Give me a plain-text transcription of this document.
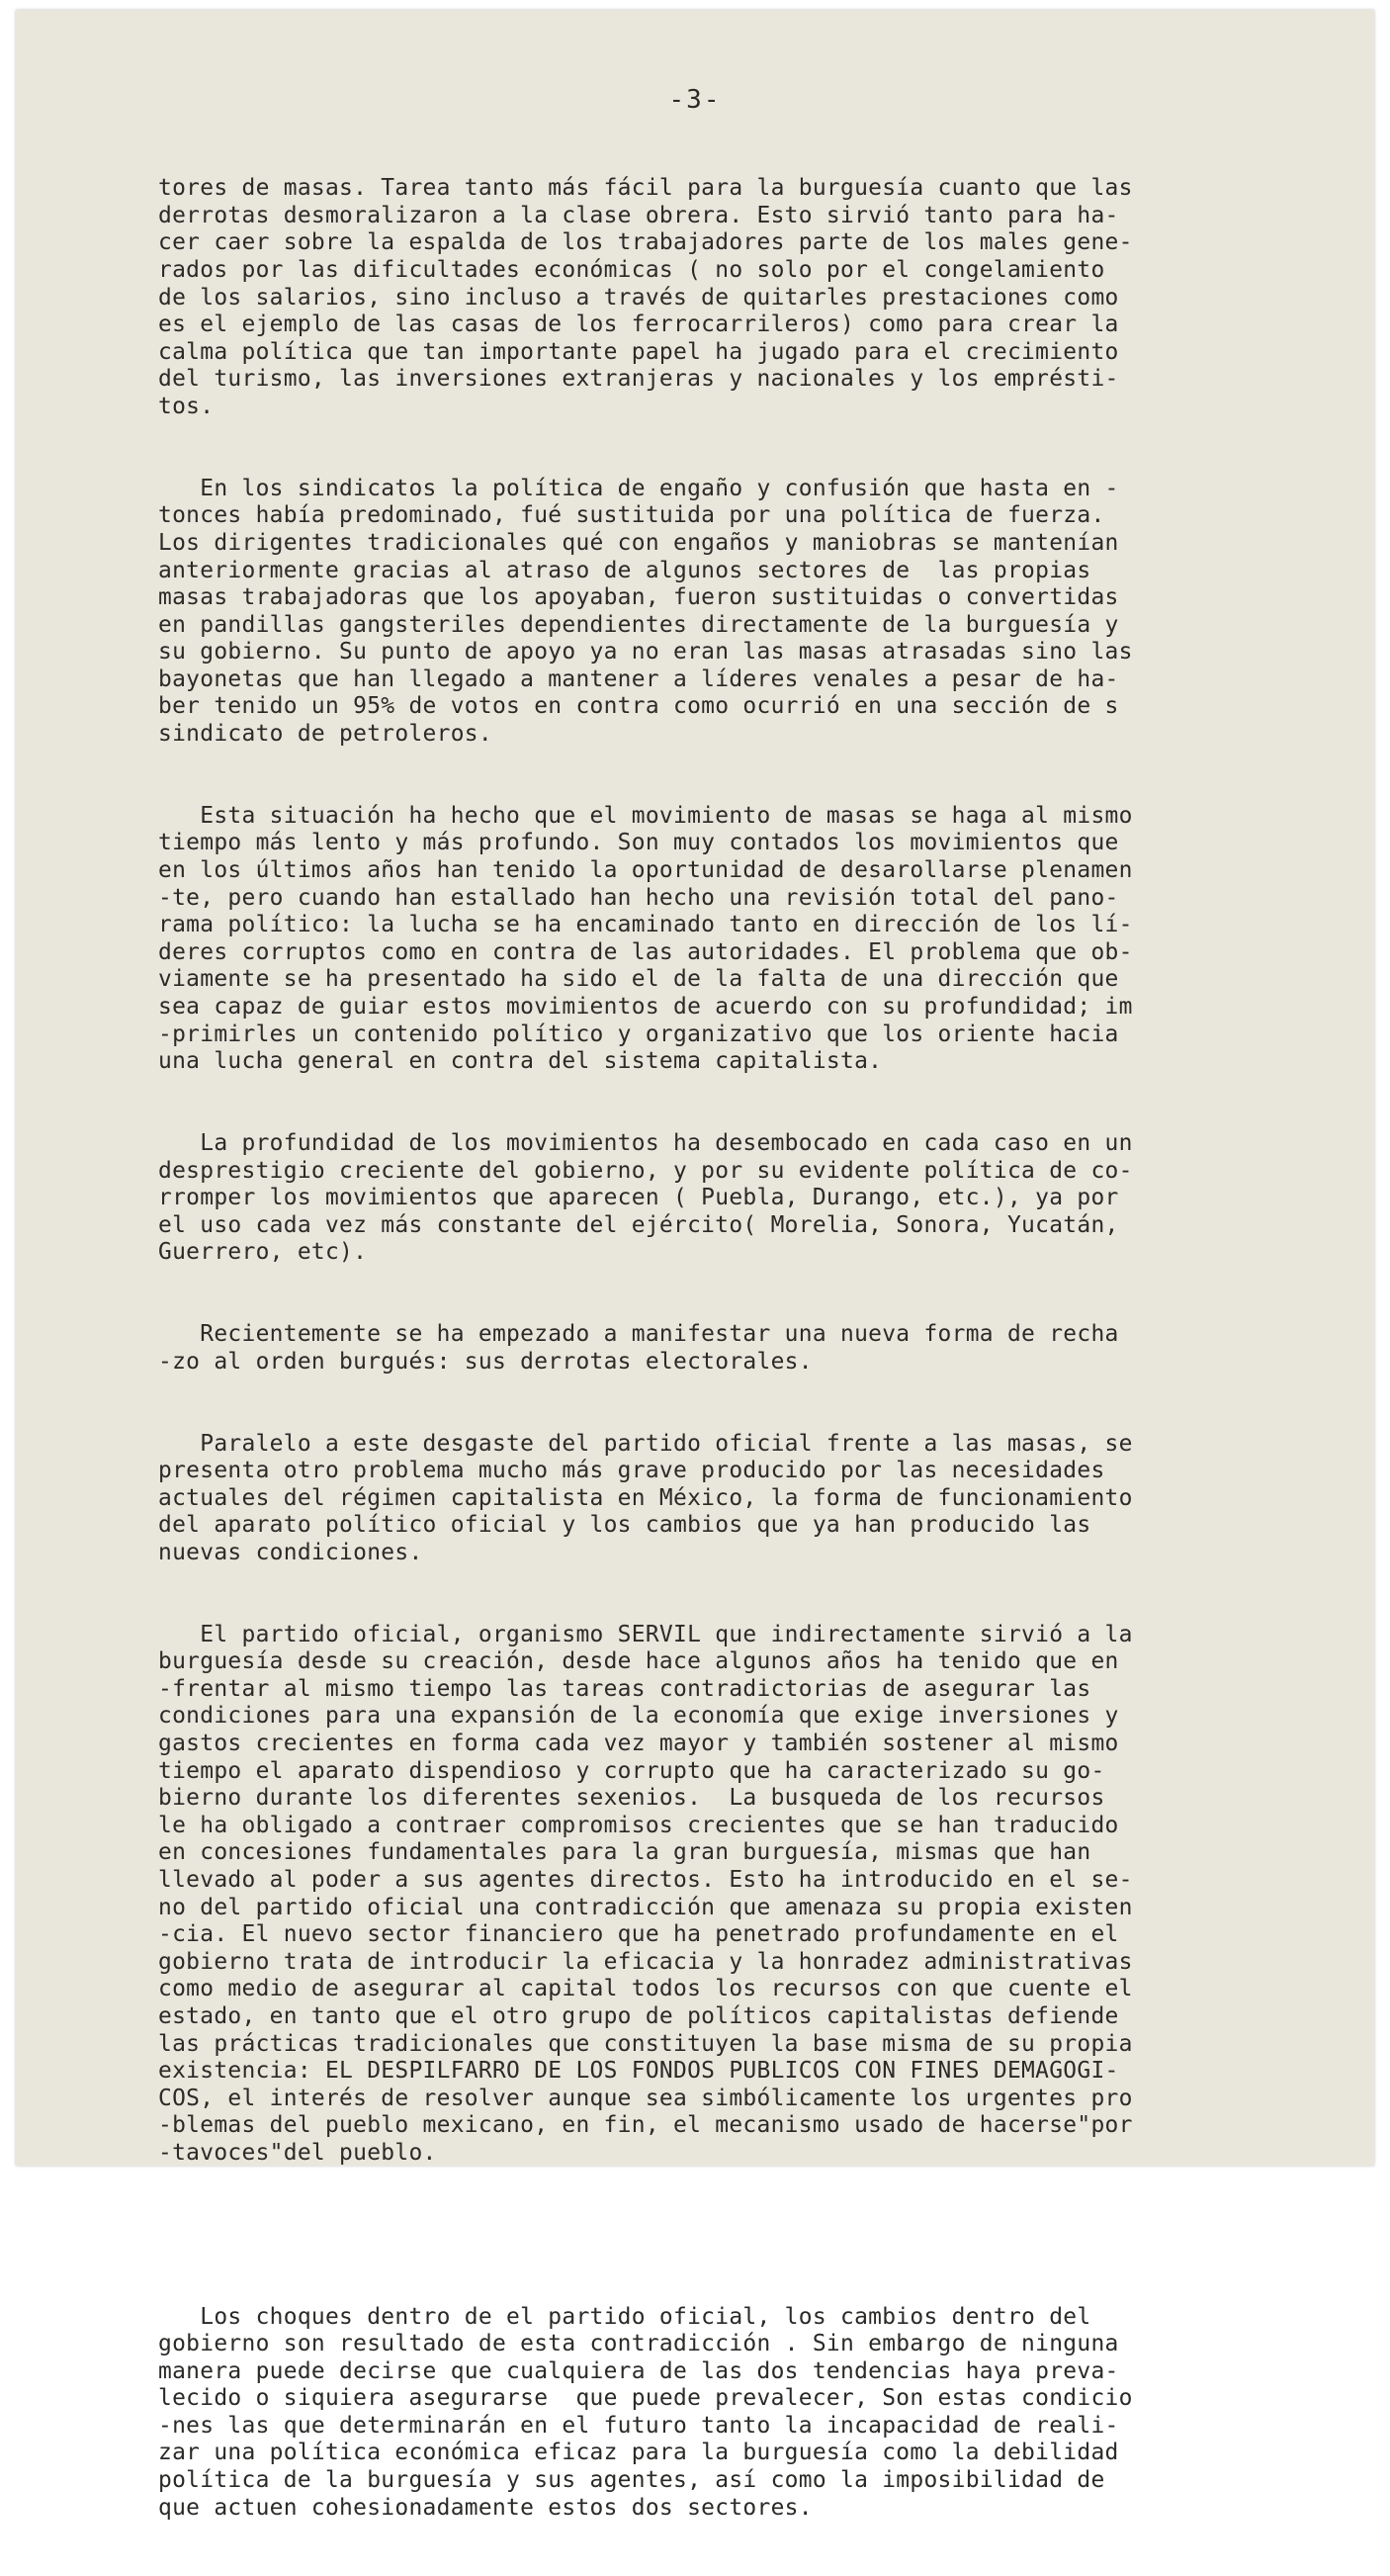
-3-

tores de masas. Tarea tanto más fácil para la burguesía cuanto que las
derrotas desmoralizaron a la clase obrera. Esto sirvió tanto para ha-
cer caer sobre la espalda de los trabajadores parte de los males gene-
rados por las dificultades económicas ( no solo por el congelamiento
de los salarios, sino incluso a través de quitarles prestaciones como
es el ejemplo de las casas de los ferrocarrileros) como para crear la
calma política que tan importante papel ha jugado para el crecimiento
del turismo, las inversiones extranjeras y nacionales y los emprésti-
tos.

En los sindicatos la política de engaño y confusión que hasta en -
tonces había predominado, fué sustituida por una política de fuerza.
Los dirigentes tradicionales qué con engaños y maniobras se mantenían
anteriormente gracias al atraso de algunos sectores de  las propias
masas trabajadoras que los apoyaban, fueron sustituidas o convertidas
en pandillas gangsteriles dependientes directamente de la burguesía y
su gobierno. Su punto de apoyo ya no eran las masas atrasadas sino las
bayonetas que han llegado a mantener a líderes venales a pesar de ha-
ber tenido un 95% de votos en contra como ocurrió en una sección de s
sindicato de petroleros.

Esta situación ha hecho que el movimiento de masas se haga al mismo
tiempo más lento y más profundo. Son muy contados los movimientos que
en los últimos años han tenido la oportunidad de desarollarse plenamen
-te, pero cuando han estallado han hecho una revisión total del pano-
rama político: la lucha se ha encaminado tanto en dirección de los lí-
deres corruptos como en contra de las autoridades. El problema que ob-
viamente se ha presentado ha sido el de la falta de una dirección que
sea capaz de guiar estos movimientos de acuerdo con su profundidad; im
-primirles un contenido político y organizativo que los oriente hacia
una lucha general en contra del sistema capitalista.

La profundidad de los movimientos ha desembocado en cada caso en un
desprestigio creciente del gobierno, y por su evidente política de co-
rromper los movimientos que aparecen ( Puebla, Durango, etc.), ya por
el uso cada vez más constante del ejército( Morelia, Sonora, Yucatán,
Guerrero, etc).

Recientemente se ha empezado a manifestar una nueva forma de recha
-zo al orden burgués: sus derrotas electorales.

Paralelo a este desgaste del partido oficial frente a las masas, se
presenta otro problema mucho más grave producido por las necesidades
actuales del régimen capitalista en México, la forma de funcionamiento
del aparato político oficial y los cambios que ya han producido las
nuevas condiciones.

El partido oficial, organismo SERVIL que indirectamente sirvió a la
burguesía desde su creación, desde hace algunos años ha tenido que en
-frentar al mismo tiempo las tareas contradictorias de asegurar las
condiciones para una expansión de la economía que exige inversiones y
gastos crecientes en forma cada vez mayor y también sostener al mismo
tiempo el aparato dispendioso y corrupto que ha caracterizado su go-
bierno durante los diferentes sexenios.  La busqueda de los recursos
le ha obligado a contraer compromisos crecientes que se han traducido
en concesiones fundamentales para la gran burguesía, mismas que han
llevado al poder a sus agentes directos. Esto ha introducido en el se-
no del partido oficial una contradicción que amenaza su propia existen
-cia. El nuevo sector financiero que ha penetrado profundamente en el
gobierno trata de introducir la eficacia y la honradez administrativas
como medio de asegurar al capital todos los recursos con que cuente el
estado, en tanto que el otro grupo de políticos capitalistas defiende
las prácticas tradicionales que constituyen la base misma de su propia
existencia: EL DESPILFARRO DE LOS FONDOS PUBLICOS CON FINES DEMAGOGI-
COS, el interés de resolver aunque sea simbólicamente los urgentes pro
-blemas del pueblo mexicano, en fin, el mecanismo usado de hacerse"por
-tavoces"del pueblo.

Los choques dentro de el partido oficial, los cambios dentro del
gobierno son resultado de esta contradicción . Sin embargo de ninguna
manera puede decirse que cualquiera de las dos tendencias haya preva-
lecido o siquiera asegurarse  que puede prevalecer, Son estas condicio
-nes las que determinarán en el futuro tanto la incapacidad de reali-
zar una política económica eficaz para la burguesía como la debilidad
política de la burguesía y sus agentes, así como la imposibilidad de
que actuen cohesionadamente estos dos sectores.
